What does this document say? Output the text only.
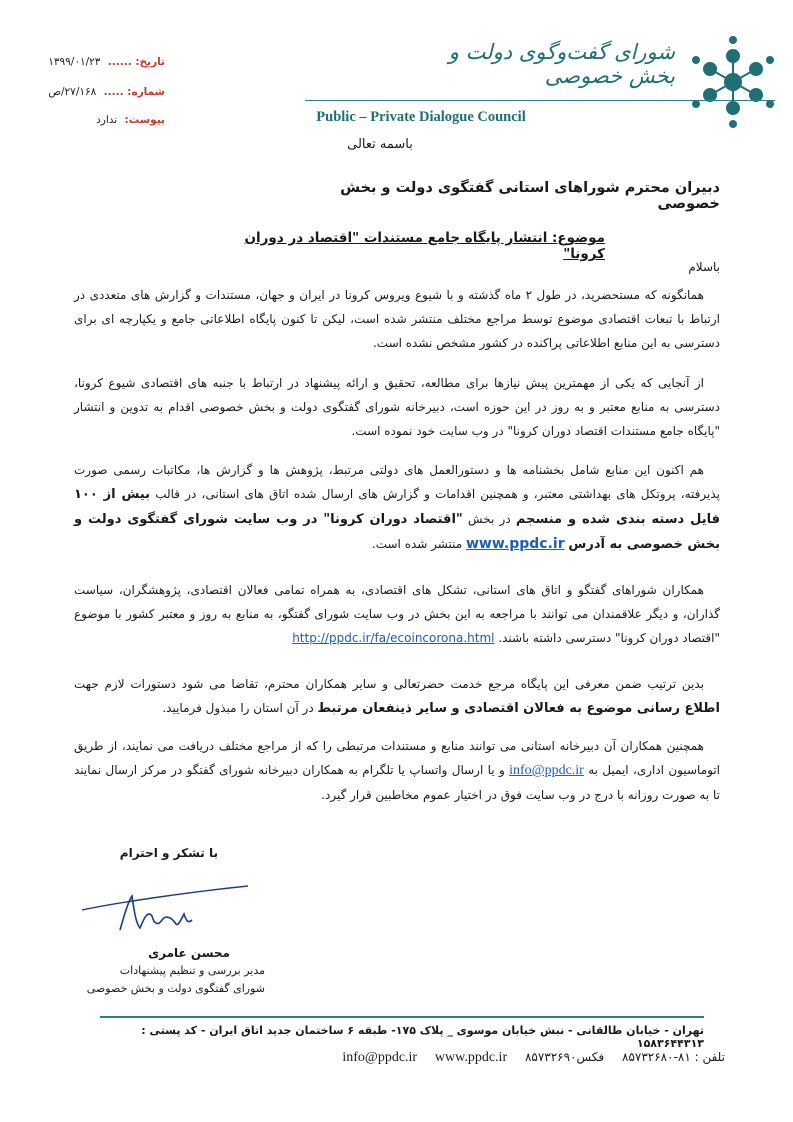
شورای گفت‌وگوی دولت و بخش خصوصی
Public – Private Dialogue Council
تاریخ: ...... ۱۳۹۹/۰۱/۲۳
شماره: ..... ۲۷/۱۶۸/ص
پیوست: ندارد
باسمه تعالی
دبیران محترم شوراهای استانی گفتگوی دولت و بخش خصوصی
موضوع: انتشار پایگاه جامع مستندات "اقتصاد در دوران کرونا"
باسلام
همانگونه که مستحضرید، در طول ۲ ماه گذشته و با شیوع ویروس کرونا در ایران و جهان، مستندات و گزارش های متعددی در ارتباط با تبعات اقتصادی موضوع توسط مراجع مختلف منتشر شده است، لیکن تا کنون پایگاه اطلاعاتی جامع و یکپارچه ای برای دسترسی به این منابع اطلاعاتی پراکنده در کشور مشخص نشده است.
از آنجایی که یکی از مهمترین پیش نیازها برای مطالعه، تحقیق و ارائه پیشنهاد در ارتباط با جنبه های اقتصادی شیوع کرونا، دسترسی به منابع معتبر و به روز در این حوزه است، دبیرخانه شورای گفتگوی دولت و بخش خصوصی اقدام به تدوین و انتشار "پایگاه جامع مستندات اقتصاد دوران کرونا" در وب سایت خود نموده است.
هم اکنون این منابع شامل بخشنامه ها و دستورالعمل های دولتی مرتبط، پژوهش ها و گزارش ها، مکاتبات رسمی صورت پذیرفته، پروتکل های بهداشتی معتبر، و همچنین اقدامات و گزارش های ارسال شده اتاق های استانی، در قالب بیش از ۱۰۰ فایل دسته بندی شده و منسجم در بخش "اقتصاد دوران کرونا" در وب سایت شورای گفتگوی دولت و بخش خصوصی به آدرس www.ppdc.ir منتشر شده است.
همکاران شوراهای گفتگو و اتاق های استانی، تشکل های اقتصادی، به همراه تمامی فعالان اقتصادی، پژوهشگران، سیاست گذاران، و دیگر علاقمندان می توانند با مراجعه به این بخش در وب سایت شورای گفتگو، به منابع به روز و معتبر کشور با موضوع "اقتصاد دوران کرونا" دسترسی داشته باشند. http://ppdc.ir/fa/ecoincorona.html
بدین ترتیب ضمن معرفی این پایگاه مرجع خدمت حضرتعالی و سایر همکاران محترم، تقاضا می شود دستورات لازم جهت اطلاع رسانی موضوع به فعالان اقتصادی و سایر ذینفعان مرتبط در آن استان را مبذول فرمایید.
همچنین همکاران آن دبیرخانه استانی می توانند منابع و مستندات مرتبطی را که از مراجع مختلف دریافت می نمایند، از طریق اتوماسیون اداری، ایمیل به info@ppdc.ir و یا ارسال واتساپ یا تلگرام به همکاران دبیرخانه شورای گفتگو در مرکز ارسال نمایند تا به صورت روزانه با درج در وب سایت فوق در اختیار عموم مخاطبین قرار گیرد.
با تشکر و احترام
محسن عامری
مدیر بررسی و تنظیم پیشنهادات
شورای گفتگوی دولت و بخش خصوصی
تهران - خیابان طالقانی - نبش خیابان موسوی _ پلاک ۱۷۵- طبقه ۶ ساختمان جدید اتاق ایران - کد پستی : ۱۵۸۳۶۴۴۳۱۳
تلفن : ۸۱-۸۵۷۳۲۶۸۰ فکس۸۵۷۳۲۶۹۰ www.ppdc.ir info@ppdc.ir
